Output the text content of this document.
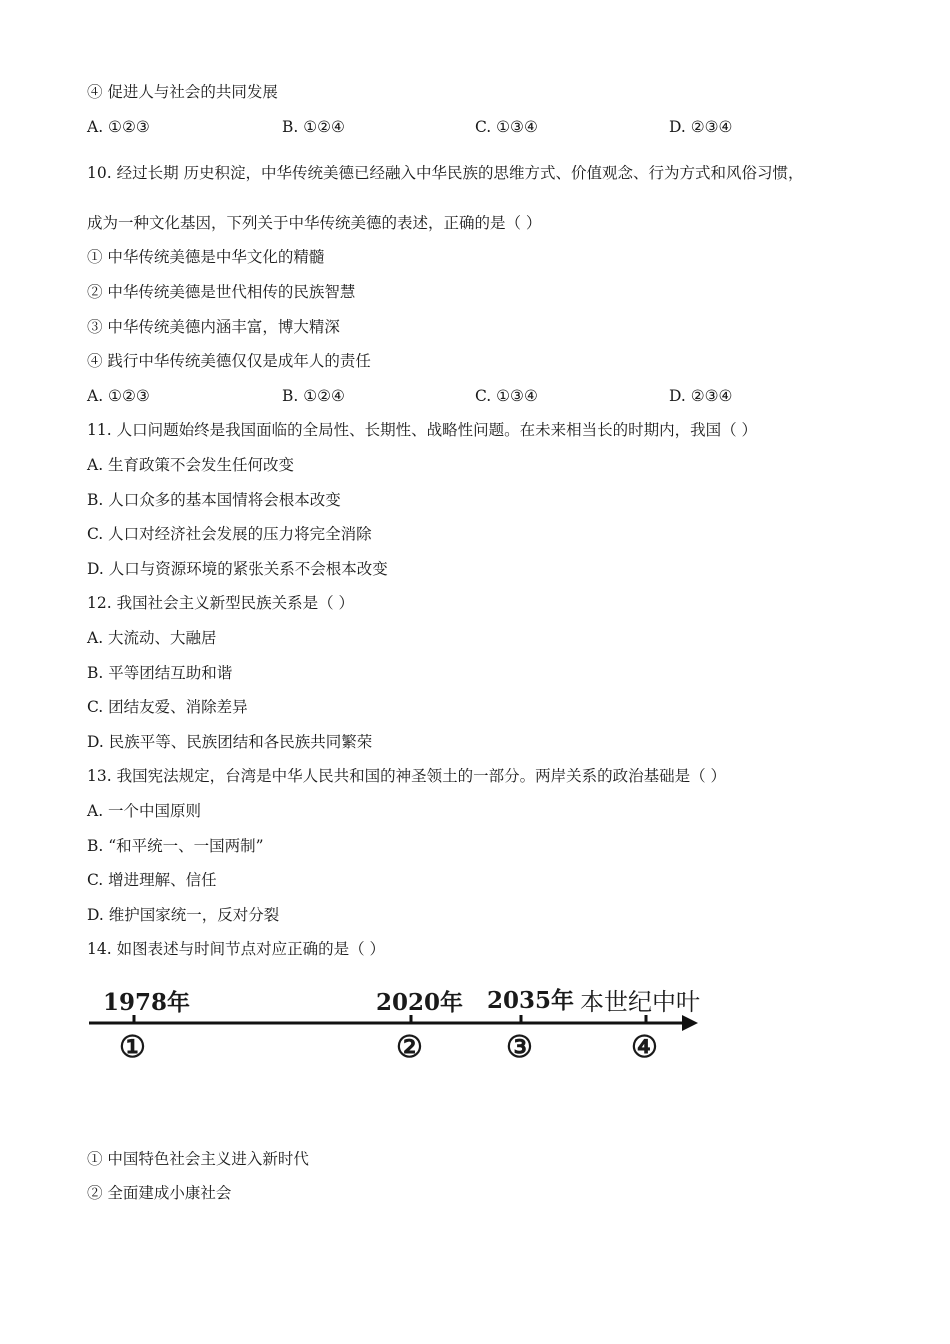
④ 促进人与社会的共同发展
A. ①②③	B. ①②④	C. ①③④	D. ②③④
10. 经过长期 历史积淀，中华传统美德已经融入中华民族的思维方式、价值观念、行为方式和风俗习惯，
成为一种文化基因，下列关于中华传统美德的表述，正确的是（ ）
① 中华传统美德是中华文化的精髓
② 中华传统美德是世代相传的民族智慧
③ 中华传统美德内涵丰富，博大精深
④ 践行中华传统美德仅仅是成年人的责任
A. ①②③	B. ①②④	C. ①③④	D. ②③④
11. 人口问题始终是我国面临的全局性、长期性、战略性问题。在未来相当长的时期内，我国（ ）
A. 生育政策不会发生任何改变
B. 人口众多的基本国情将会根本改变
C. 人口对经济社会发展的压力将完全消除
D. 人口与资源环境的紧张关系不会根本改变
12. 我国社会主义新型民族关系是（ ）
A. 大流动、大融居
B. 平等团结互助和谐
C. 团结友爱、消除差异
D. 民族平等、民族团结和各民族共同繁荣
13. 我国宪法规定，台湾是中华人民共和国的神圣领土的一部分。两岸关系的政治基础是（ ）
A. 一个中国原则
B. “和平统一、一国两制”
C. 增进理解、信任
D. 维护国家统一，反对分裂
14. 如图表述与时间节点对应正确的是（ ）
1978年	2020年 2035年 本世纪中叶
①	②	③	④
① 中国特色社会主义进入新时代
② 全面建成小康社会
